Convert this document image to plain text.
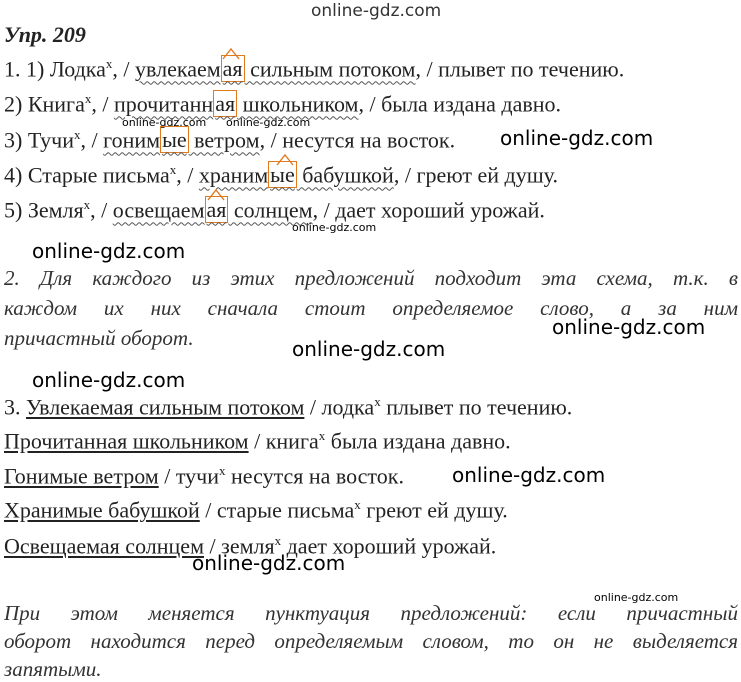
online-gdz.com
online-gdz.com online-gdz.com
online-gdz.com
online-gdz.com
online-gdz.com
online-gdz.com
online-gdz.com
online-gdz.com
online-gdz.com
online-gdz.com
online-gdz.com
Упр. 209
1. 1) Лодка$^x$, / увлекаемая сильным потоком, / плывет по течению.
2) Книга$^x$, / прочитанная школьником, / была издана давно.
3) Тучи$^x$, / гонимые ветром, / несутся на восток.
4) Старые письма$^x$, / хранимые бабушкой, / греют ей душу.
5) Земля$^x$, / освещаемая солнцем, / дает хороший урожай.
2. Для каждого из этих предложений подходит эта схема, т.к. в
каждом их них сначала стоит определяемое слово, а за ним
причастный оборот.
3. Увлекаемая сильным потоком / лодка$^x$ плывет по течению.
Прочитанная школьником / книга$^x$ была издана давно.
Гонимые ветром / тучи$^x$ несутся на восток.
Хранимые бабушкой / старые письма$^x$ греют ей душу.
Освещаемая солнцем / земля$^x$ дает хороший урожай.
При этом меняется пунктуация предложений: если причастный
оборот находится перед определяемым словом, то он не выделяется
запятыми.
